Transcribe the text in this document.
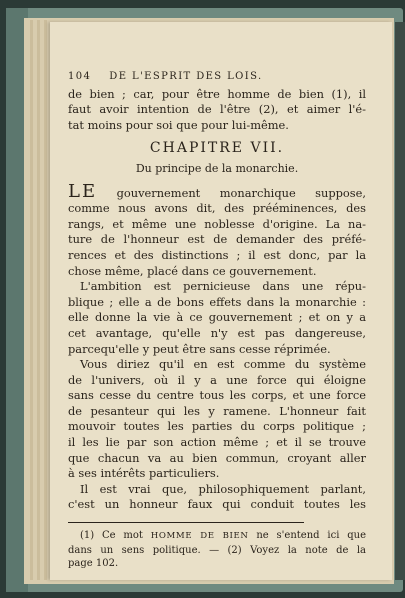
104 DE L'ESPRIT DES LOIS.
de bien ; car, pour être homme de bien (1), il
faut avoir intention de l'être (2), et aimer l'é-
tat moins pour soi que pour lui-même.
CHAPITRE VII.
Du principe de la monarchie.
LE gouvernement monarchique suppose,
comme nous avons dit, des prééminences, des
rangs, et même une noblesse d'origine. La na-
ture de l'honneur est de demander des préfé-
rences et des distinctions ; il est donc, par la
chose même, placé dans ce gouvernement.
L'ambition est pernicieuse dans une répu-
blique ; elle a de bons effets dans la monarchie :
elle donne la vie à ce gouvernement ; et on y a
cet avantage, qu'elle n'y est pas dangereuse,
parcequ'elle y peut être sans cesse réprimée.
Vous diriez qu'il en est comme du système
de l'univers, où il y a une force qui éloigne
sans cesse du centre tous les corps, et une force
de pesanteur qui les y ramene. L'honneur fait
mouvoir toutes les parties du corps politique ;
il les lie par son action même ; et il se trouve
que chacun va au bien commun, croyant aller
à ses intérêts particuliers.
Il est vrai que, philosophiquement parlant,
c'est un honneur faux qui conduit toutes les
(1) Ce mot HOMME DE BIEN ne s'entend ici que
dans un sens politique. — (2) Voyez la note de la
page 102.
